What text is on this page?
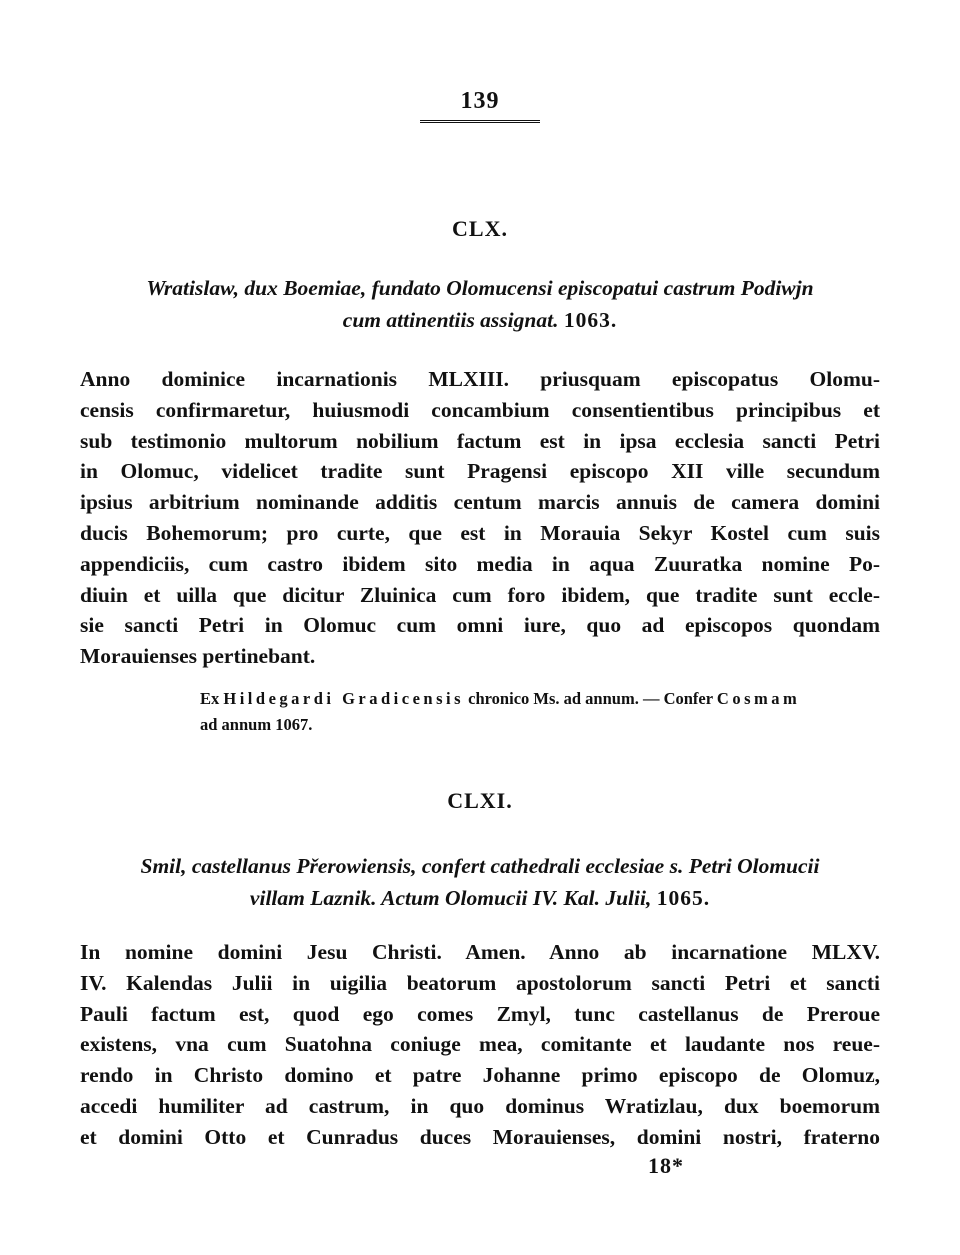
139
CLX.
Wratislaw, dux Boemiae, fundato Olomucensi episcopatui castrum Podiwjn
cum attinentiis assignat. 1063.
Anno dominice incarnationis MLXIII. priusquam episcopatus Olomu-
censis confirmaretur, huiusmodi concambium consentientibus principibus et
sub testimonio multorum nobilium factum est in ipsa ecclesia sancti Petri
in Olomuc, videlicet tradite sunt Pragensi episcopo XII ville secundum
ipsius arbitrium nominande additis centum marcis annuis de camera domini
ducis Bohemorum; pro curte, que est in Morauia Sekyr Kostel cum suis
appendiciis, cum castro ibidem sito media in aqua Zuuratka nomine Po-
diuin et uilla que dicitur Zluinica cum foro ibidem, que tradite sunt eccle-
sie sancti Petri in Olomuc cum omni iure, quo ad episcopos quondam
Morauienses pertinebant.
Ex Hildegardi Gradicensis chronico Ms. ad annum. — Confer Cosmam
ad annum 1067.
CLXI.
Smil, castellanus Přerowiensis, confert cathedrali ecclesiae s. Petri Olomucii
villam Laznik. Actum Olomucii IV. Kal. Julii, 1065.
In nomine domini Jesu Christi. Amen. Anno ab incarnatione MLXV.
IV. Kalendas Julii in uigilia beatorum apostolorum sancti Petri et sancti
Pauli factum est, quod ego comes Zmyl, tunc castellanus de Preroue
existens, vna cum Suatohna coniuge mea, comitante et laudante nos reue-
rendo in Christo domino et patre Johanne primo episcopo de Olomuz,
accedi humiliter ad castrum, in quo dominus Wratizlau, dux boemorum
et domini Otto et Cunradus duces Morauienses, domini nostri, fraterno
18*
